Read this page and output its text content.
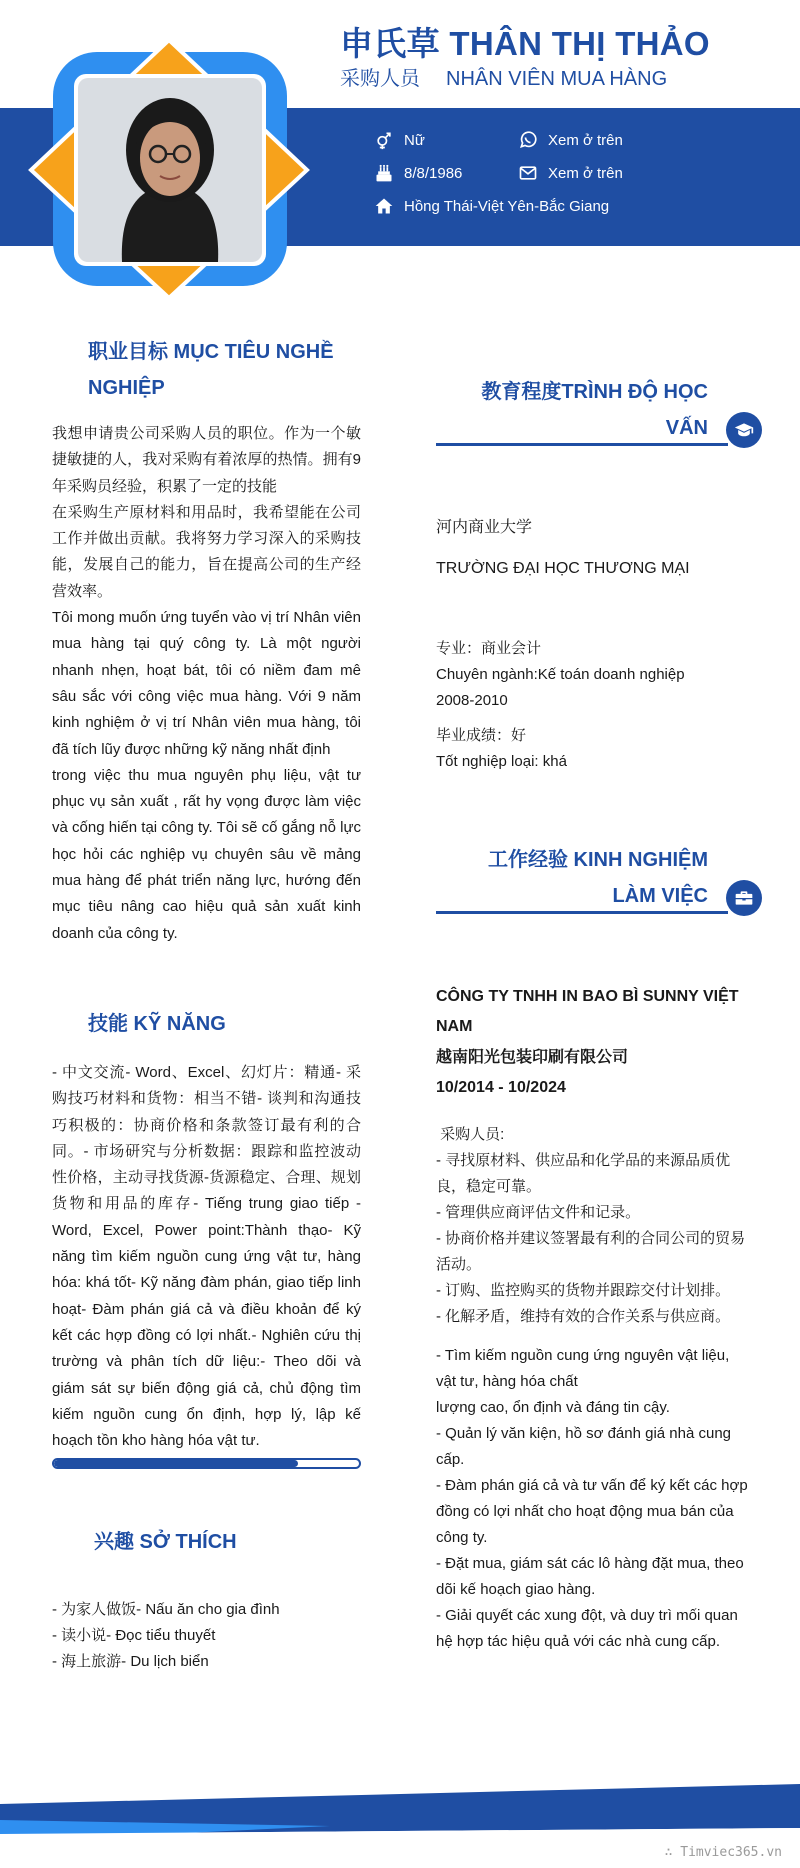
申氏草 THÂN THỊ THẢO
采购人员 NHÂN VIÊN MUA HÀNG
Nữ	Xem ở trên
8/8/1986	Xem ở trên
Hồng Thái-Việt Yên-Bắc Giang
职业目标 MỤC TIÊU NGHỀ
NGHIỆP

我想申请贵公司采购人员的职位。作为一个敏捷敏捷的人，我对采购有着浓厚的热情。拥有9年采购员经验，积累了一定的技能

在采购生产原材料和用品时，我希望能在公司工作并做出贡献。我将努力学习深入的采购技能，发展自己的能力，旨在提高公司的生产经营效率。

Tôi mong muốn ứng tuyển vào vị trí Nhân viên mua hàng tại quý công ty. Là một người nhanh nhẹn, hoạt bát, tôi có niềm đam mê sâu sắc với công việc mua hàng. Với 9 năm kinh nghiệm ở vị trí Nhân viên mua hàng, tôi đã tích lũy được những kỹ năng nhất định

trong việc thu mua nguyên phụ liệu, vật tư phục vụ sản xuất , rất hy vọng được làm việc và cống hiến tại công ty. Tôi sẽ cố gắng nỗ lực học hỏi các nghiệp vụ chuyên sâu về mảng mua hàng để phát triển năng lực, hướng đến mục tiêu nâng cao hiệu quả sản xuất kinh doanh của công ty.

技能 KỸ NĂNG
- 中文交流- Word、Excel、幻灯片：精通- 采购技巧材料和货物：相当不错- 谈判和沟通技巧积极的：协商价格和条款签订最有利的合同。- 市场研究与分析数据：跟踪和监控波动性价格，主动寻找货源-货源稳定、合理、规划货物和用品的库存- Tiếng trung giao tiếp - Word, Excel, Power point:Thành thạo- Kỹ năng tìm kiếm nguồn cung ứng vật tư, hàng hóa: khá tốt- Kỹ năng đàm phán, giao tiếp linh hoạt- Đàm phán giá cả và điều khoản để ký kết các hợp đồng có lợi nhất.- Nghiên cứu thị trường và phân tích dữ liệu:- Theo dõi và giám sát sự biến động giá cả, chủ động tìm kiếm nguồn cung ổn định, hợp lý, lập kế hoạch tồn kho hàng hóa vật tư.
兴趣 SỞ THÍCH
- 为家人做饭- Nấu ăn cho gia đình
- 读小说- Đọc tiểu thuyết
- 海上旅游- Du lịch biển
教育程度TRÌNH ĐỘ HỌC
VẤN
河内商业大学
TRƯỜNG ĐẠI HỌC THƯƠNG MẠI
专业：商业会计
Chuyên ngành:Kế toán doanh nghiệp
2008-2010
毕业成绩：好
Tốt nghiệp loại: khá
工作经验 KINH NGHIỆM
LÀM VIỆC
CÔNG TY TNHH IN BAO BÌ SUNNY VIỆT NAM
越南阳光包装印刷有限公司
10/2014 - 10/2024
采购人员:
- 寻找原材料、供应品和化学品的来源品质优良，稳定可靠。
- 管理供应商评估文件和记录。
- 协商价格并建议签署最有利的合同公司的贸易活动。
- 订购、监控购买的货物并跟踪交付计划排。
- 化解矛盾，维持有效的合作关系与供应商。
- Tìm kiếm nguồn cung ứng nguyên vật liệu, vật tư, hàng hóa chất
lượng cao, ổn định và đáng tin cậy.
- Quản lý văn kiện, hồ sơ đánh giá nhà cung cấp.
- Đàm phán giá cả và tư vấn để ký kết các hợp đồng có lợi nhất cho hoạt động mua bán của công ty.
- Đặt mua, giám sát các lô hàng đặt mua, theo dõi kế hoạch giao hàng.
- Giải quyết các xung đột, và duy trì mối quan hệ hợp tác hiệu quả với các nhà cung cấp.
∴ Timviec365.vn
